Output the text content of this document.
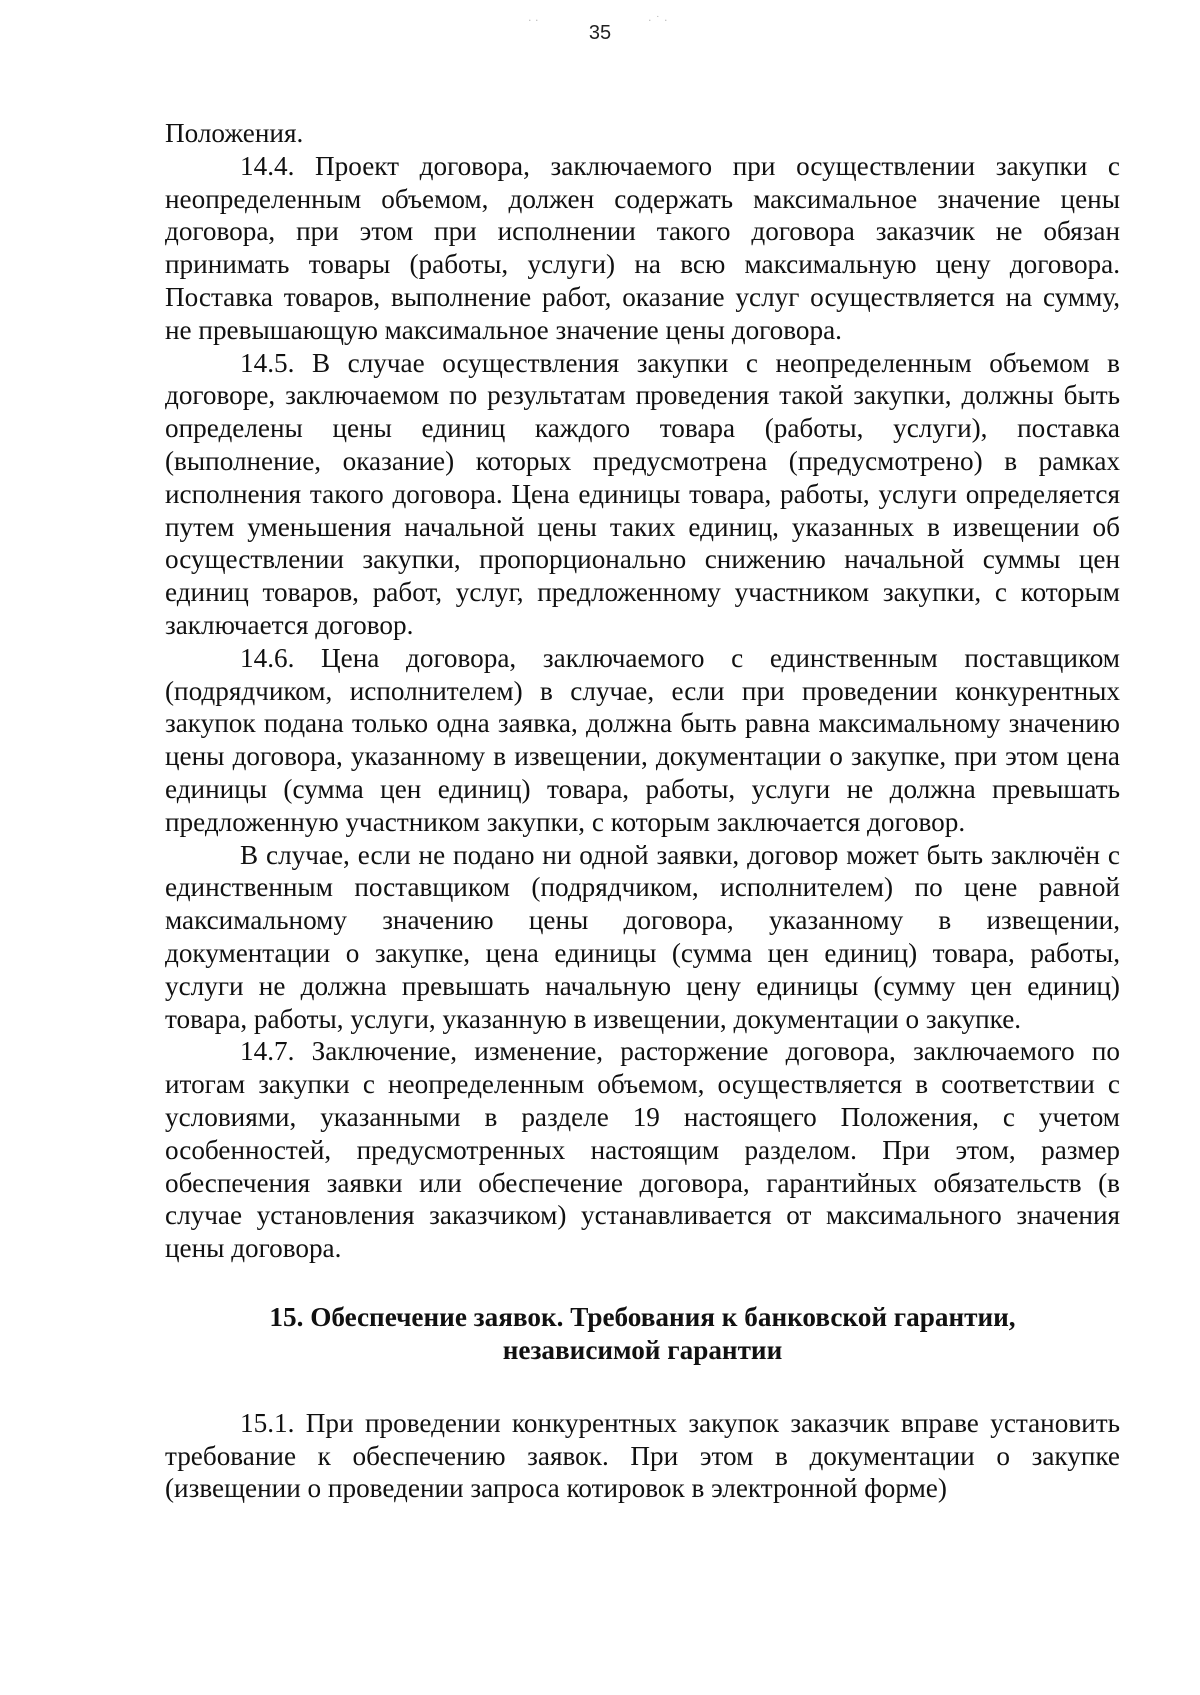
35
· ·	· ˙ ·

Положения.

14.4. Проект договора, заключаемого при осуществлении закупки с неопределенным объемом, должен содержать максимальное значение цены договора, при этом при исполнении такого договора заказчик не обязан принимать товары (работы, услуги) на всю максимальную цену договора. Поставка товаров, выполнение работ, оказание услуг осуществляется на сумму, не превышающую максимальное значение цены договора.

14.5. В случае осуществления закупки с неопределенным объемом в договоре, заключаемом по результатам проведения такой закупки, должны быть определены цены единиц каждого товара (работы, услуги), поставка (выполнение, оказание) которых предусмотрена (предусмотрено) в рамках исполнения такого договора. Цена единицы товара, работы, услуги определяется путем уменьшения начальной цены таких единиц, указанных в извещении об осуществлении закупки, пропорционально снижению начальной суммы цен единиц товаров, работ, услуг, предложенному участником закупки, с которым заключается договор.

14.6. Цена договора, заключаемого с единственным поставщиком (подрядчиком, исполнителем) в случае, если при проведении конкурентных закупок подана только одна заявка, должна быть равна максимальному значению цены договора, указанному в извещении, документации о закупке, при этом цена единицы (сумма цен единиц) товара, работы, услуги не должна превышать предложенную участником закупки, с которым заключается договор.

В случае, если не подано ни одной заявки, договор может быть заключён с единственным поставщиком (подрядчиком, исполнителем) по цене равной максимальному значению цены договора, указанному в извещении, документации о закупке, цена единицы (сумма цен единиц) товара, работы, услуги не должна превышать начальную цену единицы (сумму цен единиц) товара, работы, услуги, указанную в извещении, документации о закупке.

14.7. Заключение, изменение, расторжение договора, заключаемого по итогам закупки с неопределенным объемом, осуществляется в соответствии с условиями, указанными в разделе 19 настоящего Положения, с учетом особенностей, предусмотренных настоящим разделом. При этом, размер обеспечения заявки или обеспечение договора, гарантийных обязательств (в случае установления заказчиком) устанавливается от максимального значения цены договора.

15. Обеспечение заявок. Требования к банковской гарантии,
независимой гарантии

15.1. При проведении конкурентных закупок заказчик вправе установить требование к обеспечению заявок. При этом в документации о закупке (извещении о проведении запроса котировок в электронной форме)
